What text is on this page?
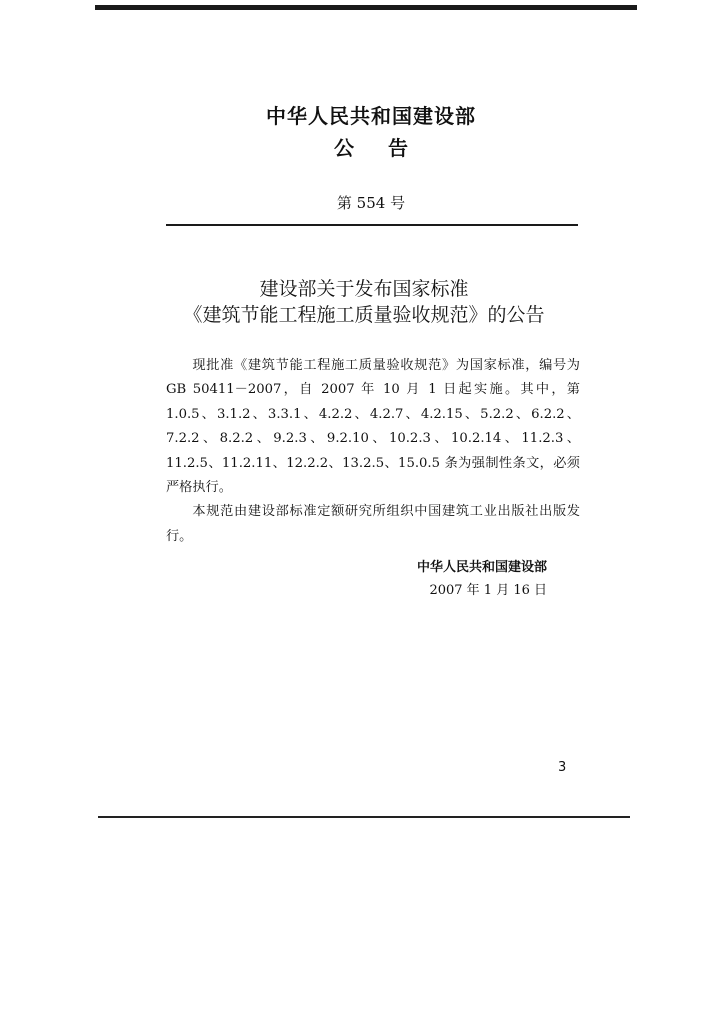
中华人民共和国建设部
公告
第 554 号
建设部关于发布国家标准
《建筑节能工程施工质量验收规范》的公告

现批准《建筑节能工程施工质量验收规范》为国家标准，编号为 GB 50411－2007，自 2007 年 10 月 1 日起实施。其中，第 1.0.5、3.1.2、3.3.1、4.2.2、4.2.7、4.2.15、5.2.2、6.2.2、7.2.2、8.2.2、9.2.3、9.2.10、10.2.3、10.2.14、11.2.3、11.2.5、11.2.11、12.2.2、13.2.5、15.0.5 条为强制性条文，必须严格执行。

本规范由建设部标准定额研究所组织中国建筑工业出版社出版发行。

中华人民共和国建设部
2007 年 1 月 16 日
3
